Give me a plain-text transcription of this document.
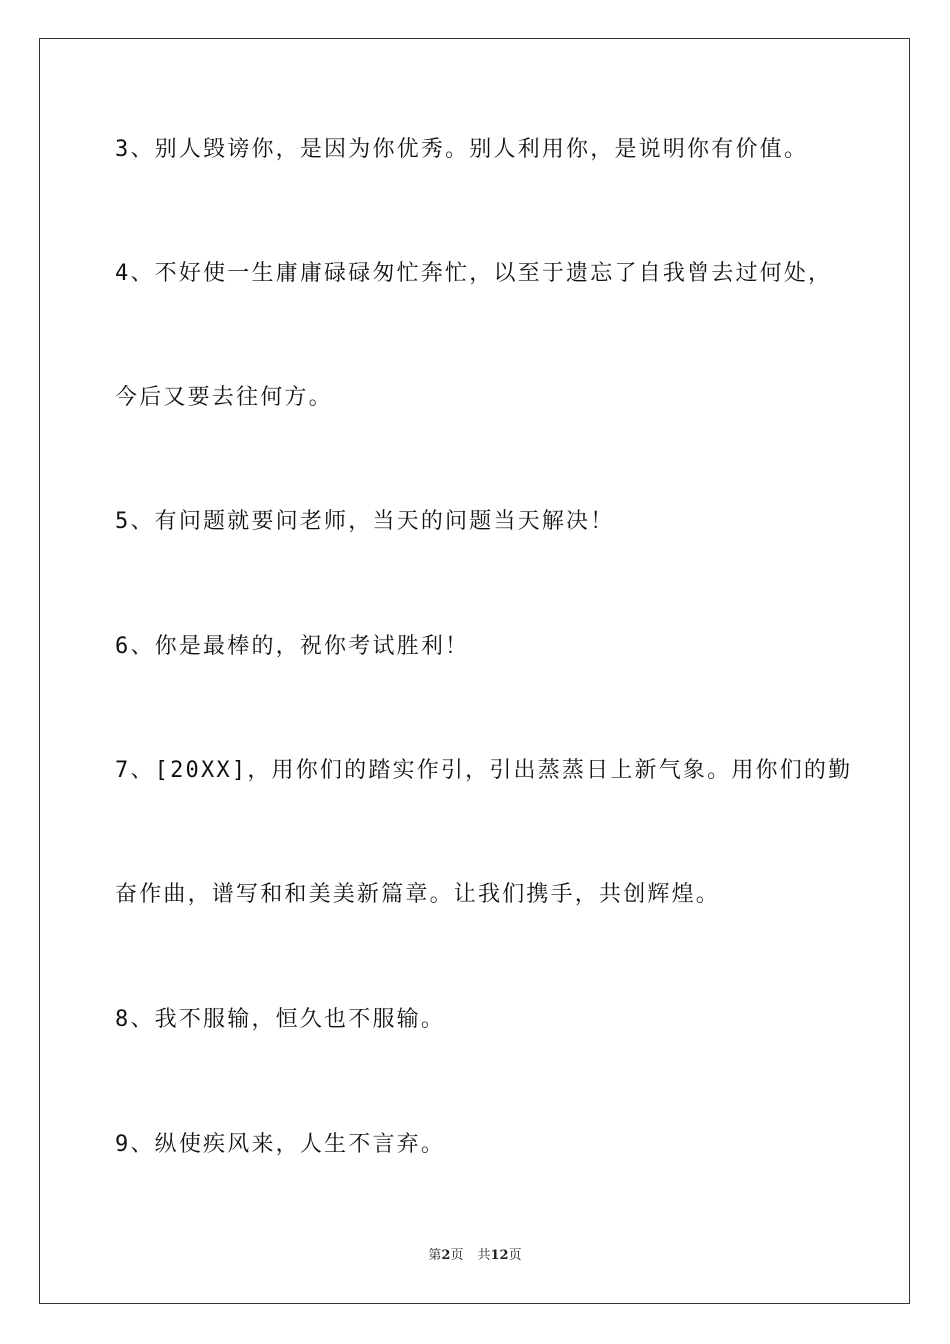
3、别人毁谤你，是因为你优秀。别人利用你，是说明你有价值。
4、不好使一生庸庸碌碌匆忙奔忙，以至于遗忘了自我曾去过何处，
今后又要去往何方。
5、有问题就要问老师，当天的问题当天解决！
6、你是最棒的，祝你考试胜利！
7、[20XX]，用你们的踏实作引，引出蒸蒸日上新气象。用你们的勤
奋作曲，谱写和和美美新篇章。让我们携手，共创辉煌。
8、我不服输，恒久也不服输。
9、纵使疾风来，人生不言弃。
第2页 共12页
